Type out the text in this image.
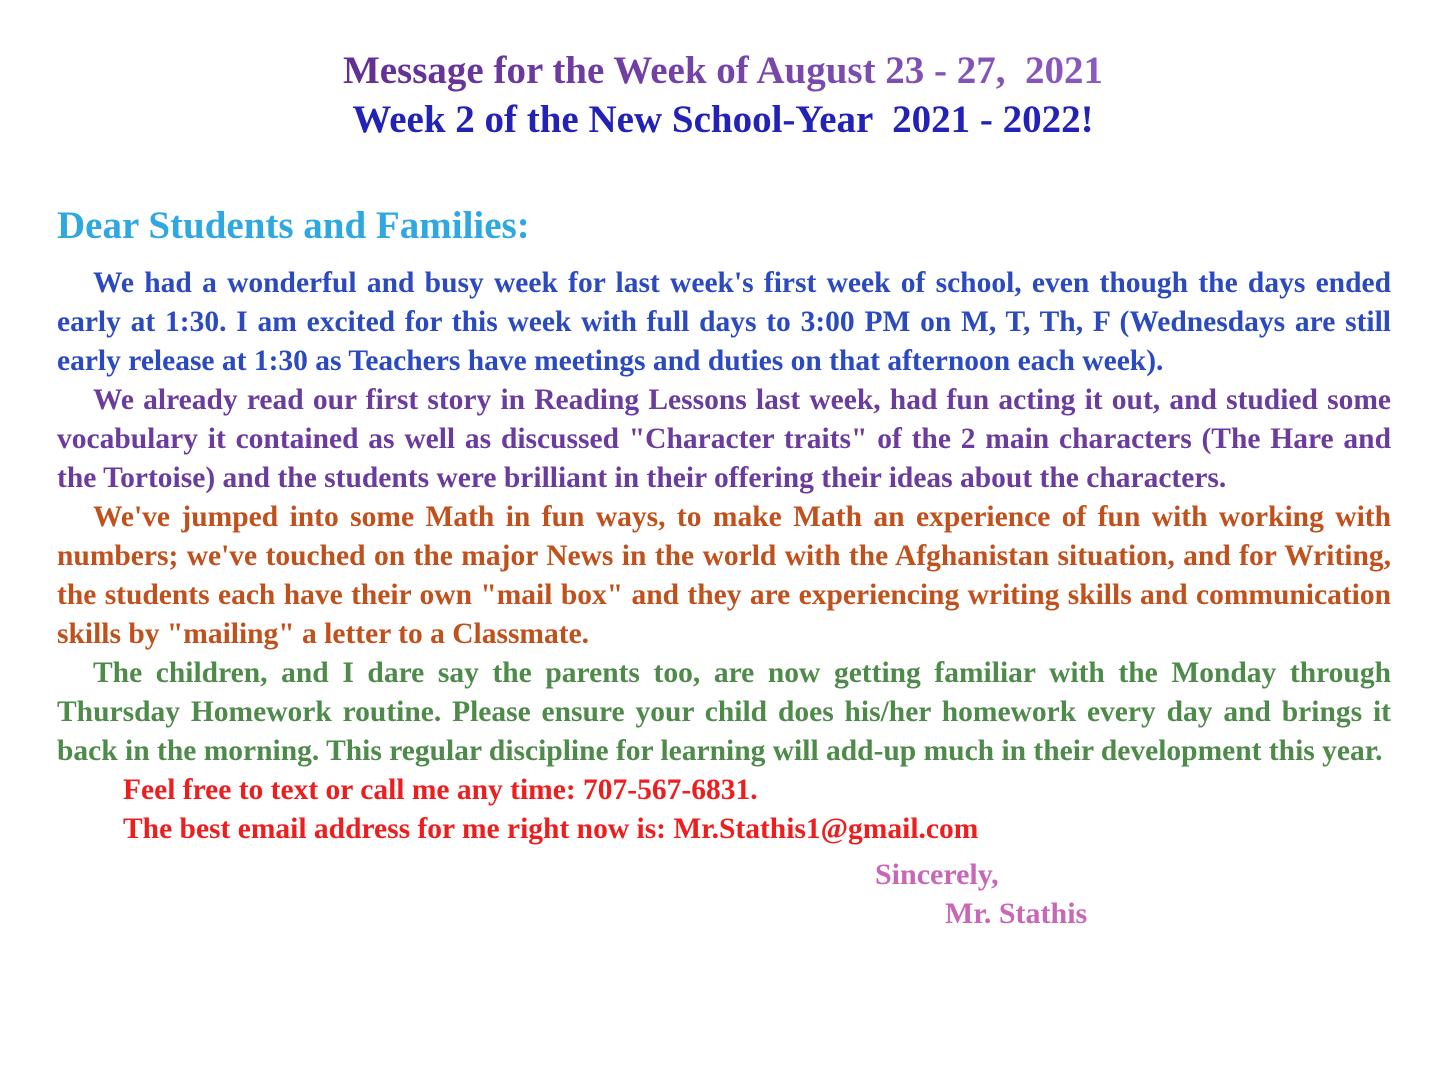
Message for the Week of August 23 - 27,  2021
Week 2 of the New School-Year  2021 - 2022!
Dear Students and Families:

We had a wonderful and busy week for last week's first week of school, even though the days ended early at 1:30. I am excited for this week with full days to 3:00 PM on M, T, Th, F (Wednesdays are still early release at 1:30 as Teachers have meetings and duties on that afternoon each week).

We already read our first story in Reading Lessons last week, had fun acting it out, and studied some vocabulary it contained as well as discussed "Character traits" of the 2 main characters (The Hare and the Tortoise) and the students were brilliant in their offering their ideas about the characters.

We've jumped into some Math in fun ways, to make Math an experience of fun with working with numbers; we've touched on the major News in the world with the Afghanistan situation, and for Writing, the students each have their own "mail box" and they are experiencing writing skills and communication skills by "mailing" a letter to a Classmate.

The children, and I dare say the parents too, are now getting familiar with the Monday through Thursday Homework routine. Please ensure your child does his/her homework every day and brings it back in the morning. This regular discipline for learning will add-up much in their development this year.

Feel free to text or call me any time: 707-567-6831.
The best email address for me right now is: Mr.Stathis1@gmail.com
Sincerely,
Mr. Stathis
